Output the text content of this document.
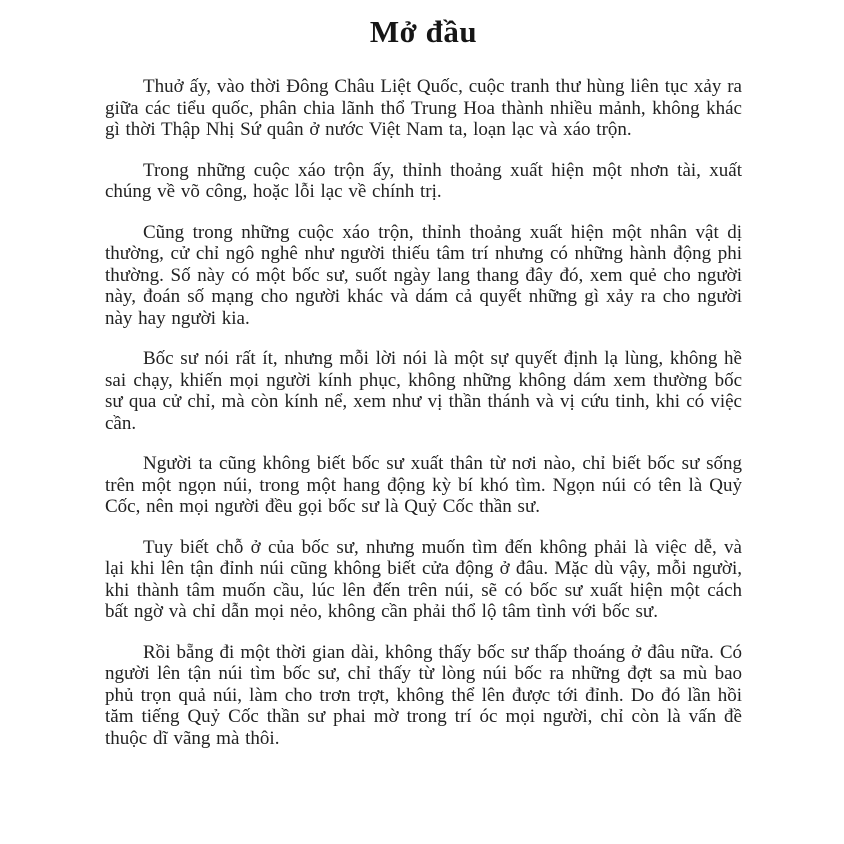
Mở đầu

Thuở ấy, vào thời Đông Châu Liệt Quốc, cuộc tranh thư hùng liên tục xảy ra giữa các tiểu quốc, phân chia lãnh thổ Trung Hoa thành nhiều mảnh, không khác gì thời Thập Nhị Sứ quân ở nước Việt Nam ta, loạn lạc và xáo trộn.

Trong những cuộc xáo trộn ấy, thỉnh thoảng xuất hiện một nhơn tài, xuất chúng về võ công, hoặc lỗi lạc về chính trị.

Cũng trong những cuộc xáo trộn, thỉnh thoảng xuất hiện một nhân vật dị thường, cử chỉ ngô nghê như người thiếu tâm trí nhưng có những hành động phi thường. Số này có một bốc sư, suốt ngày lang thang đây đó, xem quẻ cho người này, đoán số mạng cho người khác và dám cả quyết những gì xảy ra cho người này hay người kia.

Bốc sư nói rất ít, nhưng mỗi lời nói là một sự quyết định lạ lùng, không hề sai chạy, khiến mọi người kính phục, không những không dám xem thường bốc sư qua cử chỉ, mà còn kính nể, xem như vị thần thánh và vị cứu tinh, khi có việc cần.

Người ta cũng không biết bốc sư xuất thân từ nơi nào, chỉ biết bốc sư sống trên một ngọn núi, trong một hang động kỳ bí khó tìm. Ngọn núi có tên là Quỷ Cốc, nên mọi người đều gọi bốc sư là Quỷ Cốc thần sư.

Tuy biết chỗ ở của bốc sư, nhưng muốn tìm đến không phải là việc dễ, và lại khi lên tận đỉnh núi cũng không biết cửa động ở đâu. Mặc dù vậy, mỗi người, khi thành tâm muốn cầu, lúc lên đến trên núi, sẽ có bốc sư xuất hiện một cách bất ngờ và chỉ dẫn mọi nẻo, không cần phải thổ lộ tâm tình với bốc sư.

Rồi bẵng đi một thời gian dài, không thấy bốc sư thấp thoáng ở đâu nữa. Có người lên tận núi tìm bốc sư, chỉ thấy từ lòng núi bốc ra những đợt sa mù bao phủ trọn quả núi, làm cho trơn trợt, không thể lên được tới đỉnh. Do đó lần hồi tăm tiếng Quỷ Cốc thần sư phai mờ trong trí óc mọi người, chỉ còn là vấn đề thuộc dĩ vãng mà thôi.
